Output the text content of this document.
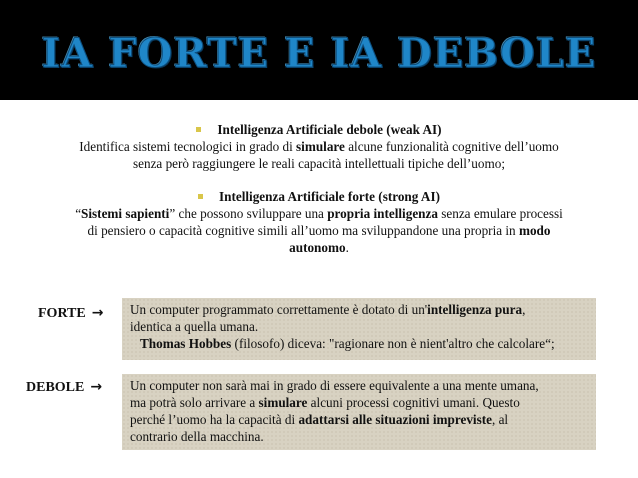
IA FORTE E IA DEBOLE
Intelligenza Artificiale debole (weak AI)
Identifica sistemi tecnologici in grado di simulare alcune funzionalità cognitive dell’uomo
senza però raggiungere le reali capacità intellettuali tipiche dell’uomo;
Intelligenza Artificiale forte (strong AI)
“Sistemi sapienti” che possono sviluppare una propria intelligenza senza emulare processi
di pensiero o capacità cognitive simili all’uomo ma sviluppandone una propria in modo
autonomo.
FORTE → Un computer programmato correttamente è dotato di un'intelligenza pura,
identica a quella umana.
Thomas Hobbes (filosofo) diceva: "ragionare non è nient'altro che calcolare“;
DEBOLE → Un computer non sarà mai in grado di essere equivalente a una mente umana,
ma potrà solo arrivare a simulare alcuni processi cognitivi umani. Questo
perché l’uomo ha la capacità di adattarsi alle situazioni impreviste, al
contrario della macchina.
